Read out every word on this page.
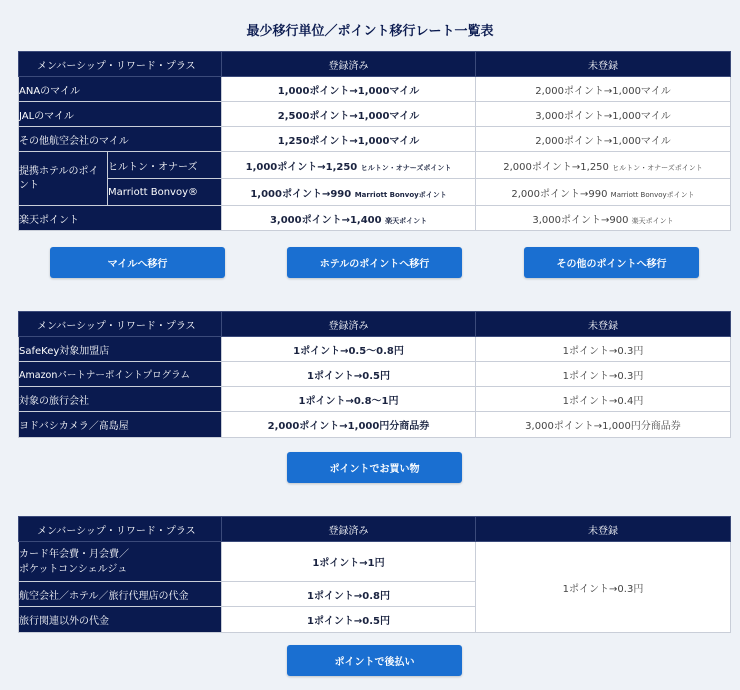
最少移行単位／ポイント移行レート一覧表
メンバーシップ・リワード・プラス		登録済み	未登録
ANAのマイル		1,000ポイント→1,000マイル	2,000ポイント→1,000マイル
JALのマイル		2,500ポイント→1,000マイル	3,000ポイント→1,000マイル
その他航空会社のマイル		1,250ポイント→1,000マイル	2,000ポイント→1,000マイル
提携ホテルのポイント	ヒルトン・オナーズ	1,000ポイント→1,250 ヒルトン・オナーズポイント	2,000ポイント→1,250 ヒルトン・オナーズポイント
	Marriott Bonvoy®	1,000ポイント→990 Marriott Bonvoyポイント	2,000ポイント→990 Marriott Bonvoyポイント
楽天ポイント		3,000ポイント→1,400 楽天ポイント	3,000ポイント→900 楽天ポイント
マイルへ移行	ホテルのポイントへ移行	その他のポイントへ移行
メンバーシップ・リワード・プラス	登録済み	未登録
SafeKey対象加盟店	1ポイント→0.5～0.8円	1ポイント→0.3円
Amazonパートナーポイントプログラム	1ポイント→0.5円	1ポイント→0.3円
対象の旅行会社	1ポイント→0.8～1円	1ポイント→0.4円
ヨドバシカメラ／髙島屋	2,000ポイント→1,000円分商品券	3,000ポイント→1,000円分商品券
ポイントでお買い物
メンバーシップ・リワード・プラス	登録済み	未登録

カード年会費・月会費／
ポケットコンシェルジュ	1ポイント→1円	1ポイント→0.3円
航空会社／ホテル／旅行代理店の代金	1ポイント→0.8円	
旅行関連以外の代金	1ポイント→0.5円	
ポイントで後払い
